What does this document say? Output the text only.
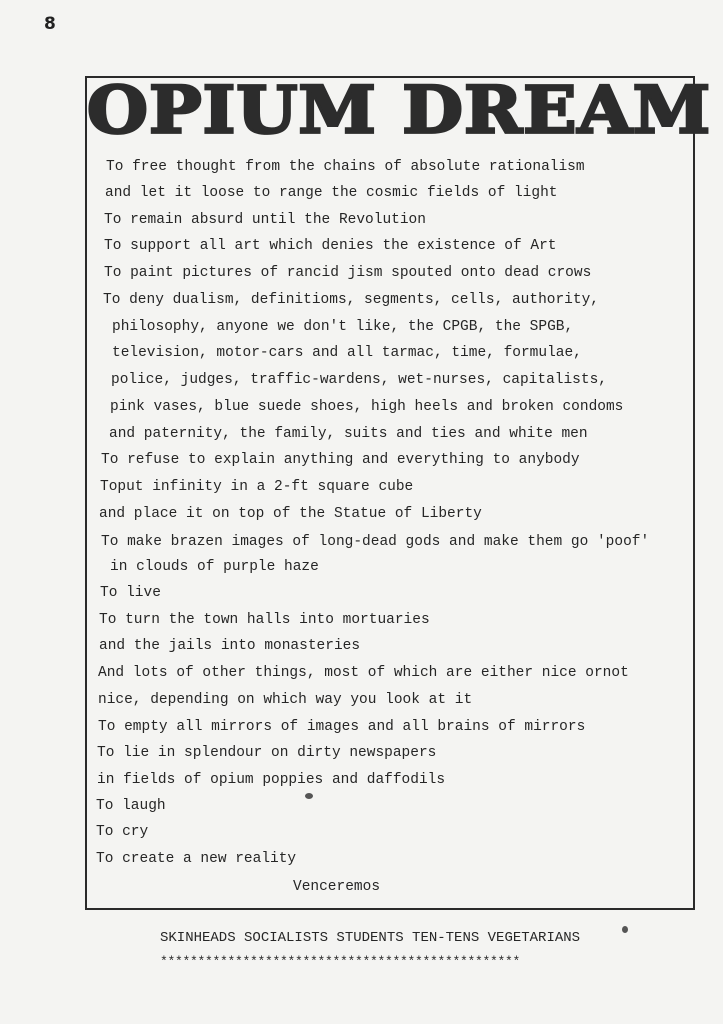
8
OPIUM DREAM
To free thought from the chains of absolute rationalism
and let it loose to range the cosmic fields of light
To remain absurd until the Revolution
To support all art which denies the existence of Art
To paint pictures of rancid jism spouted onto dead crows
To deny dualism, definitioms, segments, cells, authority,
philosophy, anyone we don't like, the CPGB, the SPGB,
television, motor-cars and all tarmac, time, formulae,
police, judges, traffic-wardens, wet-nurses, capitalists,
pink vases, blue suede shoes, high heels and broken condoms
and paternity, the family, suits and ties and white men
To refuse to explain anything and everything to anybody
Toput infinity in a 2-ft square cube
and place it on top of the Statue of Liberty
To make brazen images of long-dead gods and make them go 'poof'
in clouds of purple haze
To live
To turn the town halls into mortuaries
and the jails into monasteries
And lots of other things, most of which are either nice ornot
nice, depending on which way you look at it
To empty all mirrors of images and all brains of mirrors
To lie in splendour on dirty newspapers
in fields of opium poppies and daffodils
To laugh
To cry
To create a new reality
Venceremos
SKINHEADS SOCIALISTS STUDENTS TEN-TENS VEGETARIANS
************************************************
